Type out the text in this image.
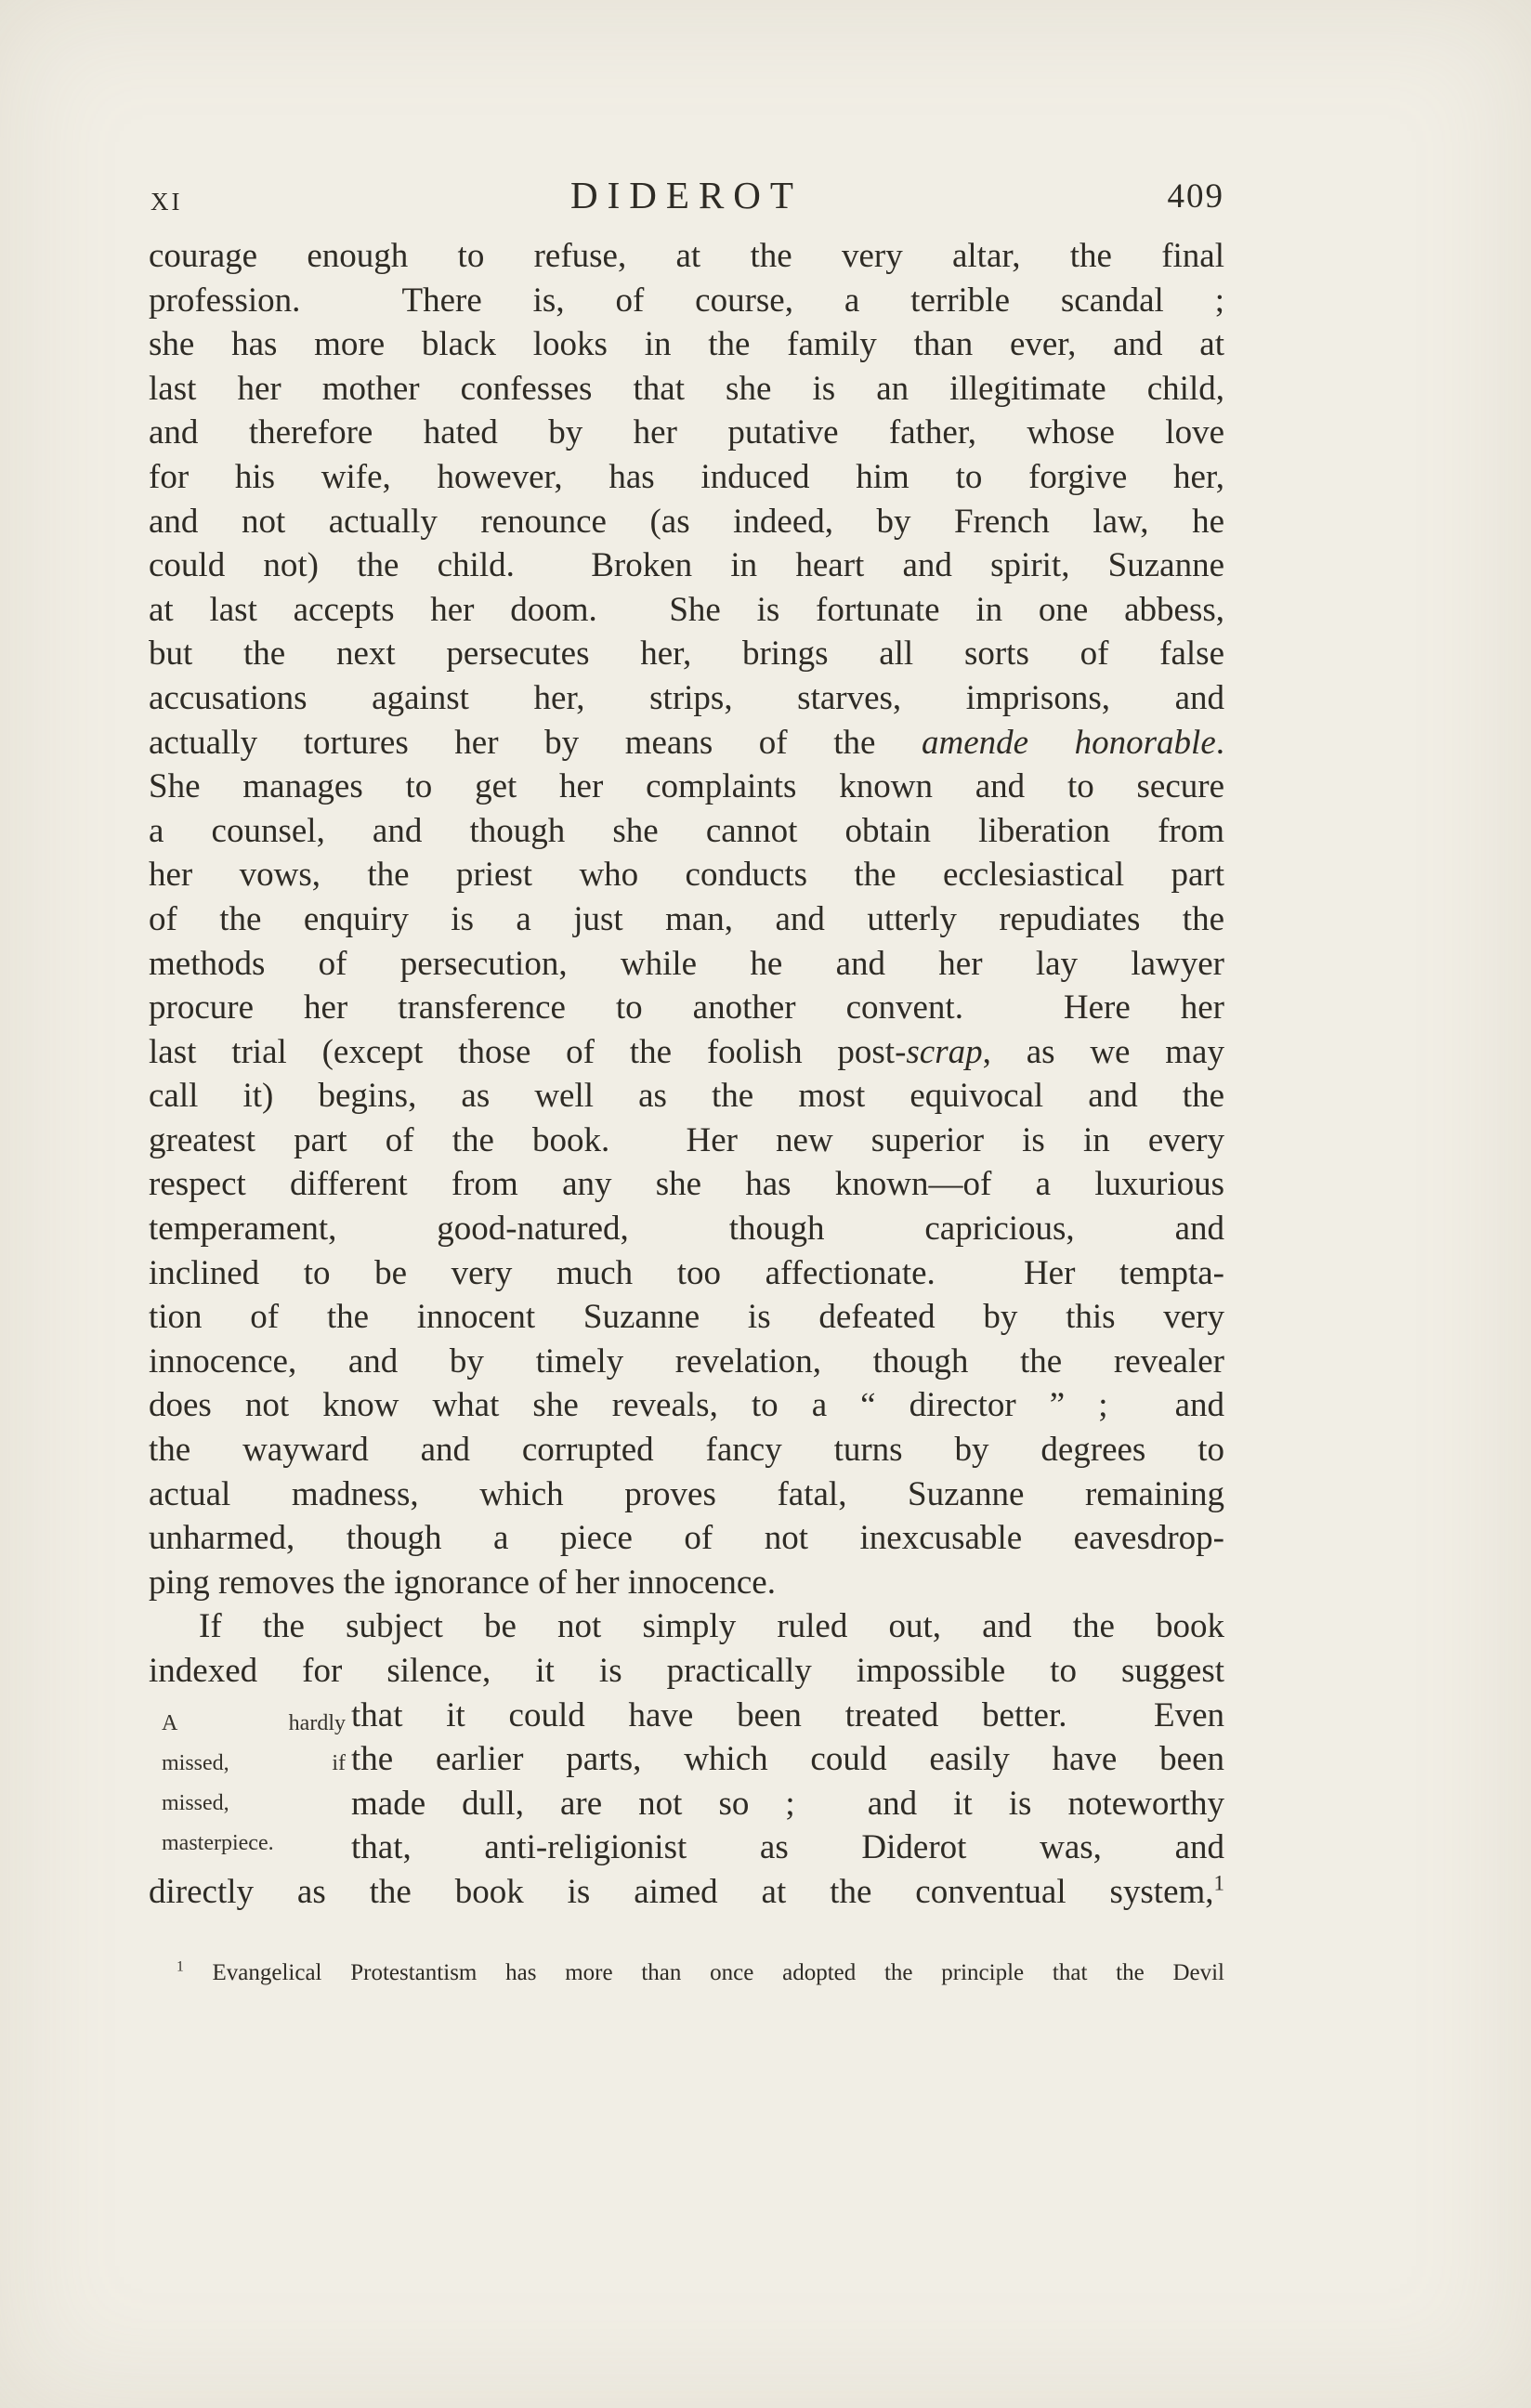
XI	DIDEROT	409
courage enough to refuse, at the very altar, the final
profession.  There is, of course, a terrible scandal ;
she has more black looks in the family than ever, and at
last her mother confesses that she is an illegitimate child,
and therefore hated by her putative father, whose love
for his wife, however, has induced him to forgive her,
and not actually renounce (as indeed, by French law, he
could not) the child.  Broken in heart and spirit, Suzanne
at last accepts her doom.  She is fortunate in one abbess,
but the next persecutes her, brings all sorts of false
accusations against her, strips, starves, imprisons, and
actually tortures her by means of the amende honorable.
She manages to get her complaints known and to secure
a counsel, and though she cannot obtain liberation from
her vows, the priest who conducts the ecclesiastical part
of the enquiry is a just man, and utterly repudiates the
methods of persecution, while he and her lay lawyer
procure her transference to another convent.  Here her
last trial (except those of the foolish post-scrap, as we may
call it) begins, as well as the most equivocal and the
greatest part of the book.  Her new superior is in every
respect different from any she has known—of a luxurious
temperament, good-natured, though capricious, and
inclined to be very much too affectionate.  Her tempta-
tion of the innocent Suzanne is defeated by this very
innocence, and by timely revelation, though the revealer
does not know what she reveals, to a “ director ” ;  and
the wayward and corrupted fancy turns by degrees to
actual madness, which proves fatal, Suzanne remaining
unharmed, though a piece of not inexcusable eavesdrop-
ping removes the ignorance of her innocence.
If the subject be not simply ruled out, and the book
indexed for silence, it is practically impossible to suggest
that it could have been treated better.  Even
the earlier parts, which could easily have been
made dull, are not so ;  and it is noteworthy
that, anti-religionist as Diderot was, and
directly as the book is aimed at the conventual system,$^1$
$^1$ Evangelical Protestantism has more than once adopted the principle that the Devil
A hardly
missed, if
missed,
masterpiece.
